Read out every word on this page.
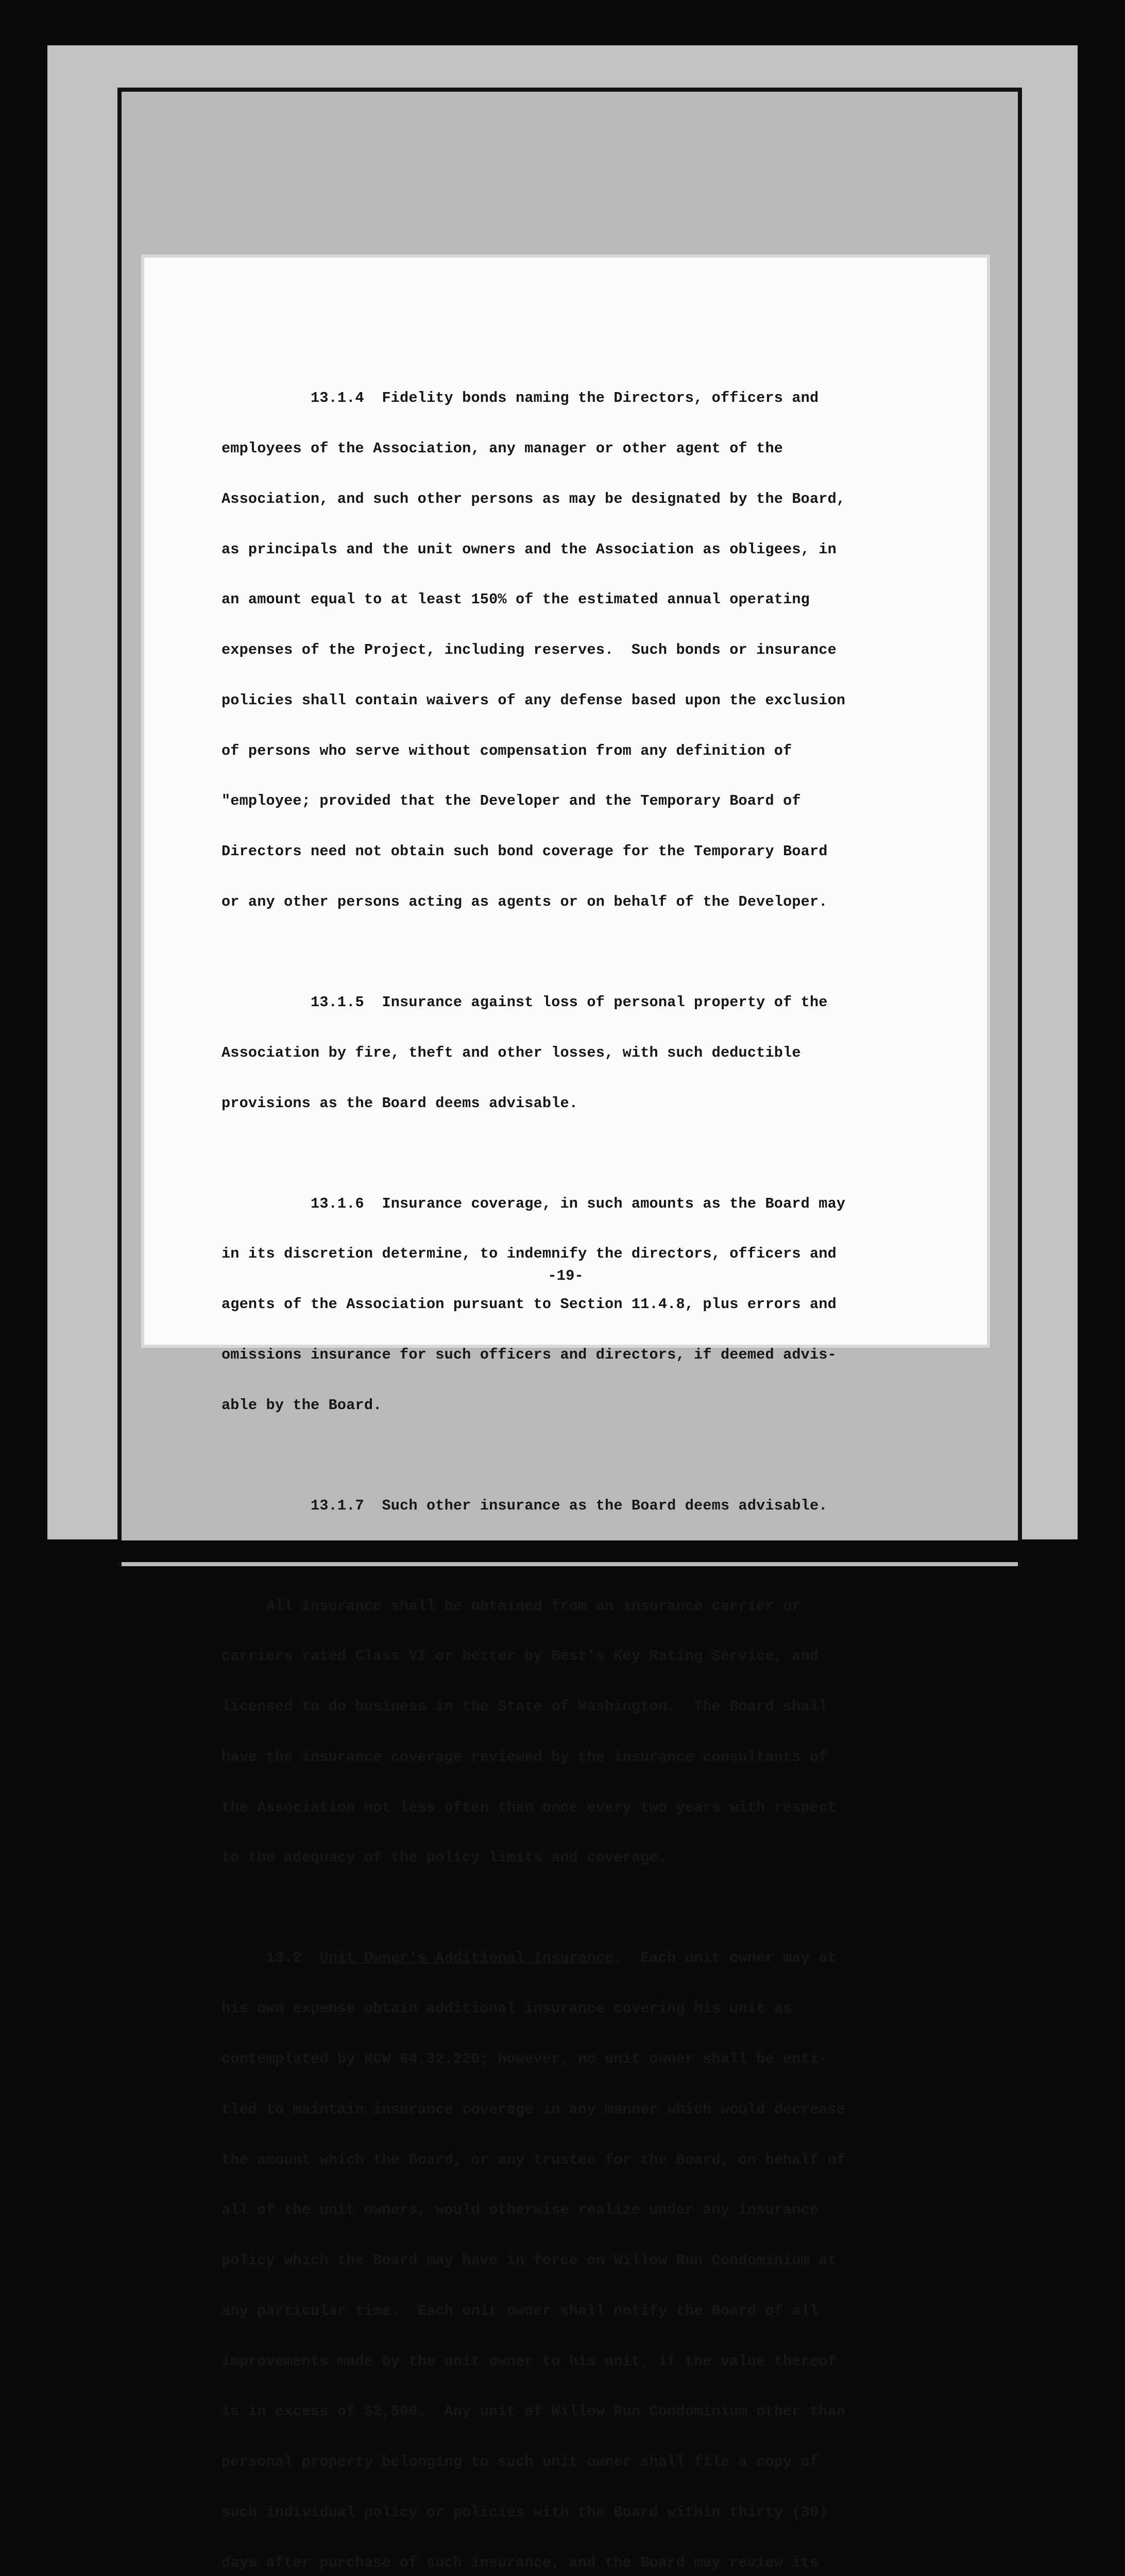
13.1.4  Fidelity bonds naming the Directors, officers and

employees of the Association, any manager or other agent of the

Association, and such other persons as may be designated by the Board,

as principals and the unit owners and the Association as obligees, in

an amount equal to at least 150% of the estimated annual operating

expenses of the Project, including reserves.  Such bonds or insurance

policies shall contain waivers of any defense based upon the exclusion

of persons who serve without compensation from any definition of

"employee; provided that the Developer and the Temporary Board of

Directors need not obtain such bond coverage for the Temporary Board

or any other persons acting as agents or on behalf of the Developer.

13.1.5  Insurance against loss of personal property of the

Association by fire, theft and other losses, with such deductible

provisions as the Board deems advisable.

13.1.6  Insurance coverage, in such amounts as the Board may

in its discretion determine, to indemnify the directors, officers and

agents of the Association pursuant to Section 11.4.8, plus errors and

omissions insurance for such officers and directors, if deemed advis-

able by the Board.

13.1.7  Such other insurance as the Board deems advisable.

All insurance shall be obtained from an insurance carrier or

carriers rated Class VI or better by Best's Key Rating Service, and

licensed to do business in the State of Washington.  The Board shall

have the insurance coverage reviewed by the insurance consultants of

the Association not less often than once every two years with respect

to the adequacy of the policy limits and coverage.

13.2  Unit Owner's Additional Insurance.  Each unit owner may at

his own expense obtain additional insurance covering his unit as

contemplated by RCW 64.32.220; however, no unit owner shall be enti-

tled to maintain insurance coverage in any manner which would decrease

the amount which the Board, or any trustee for the Board, on behalf of

all of the unit owners, would otherwise realize under any insurance

policy which the Board may have in force on Willow Run Condominium at

any particular time.  Each unit owner shall notify the Board of all

improvements made by the unit owner to his unit, if the value thereof

is in excess of $2,500.  Any unit of Willow Run Condominium other than

personal property belonging to such unit owner shall file a copy of

such individual policy or policies with the Board within thirty (30)

days after purchase of such insurance, and the Board may review its

-19-
